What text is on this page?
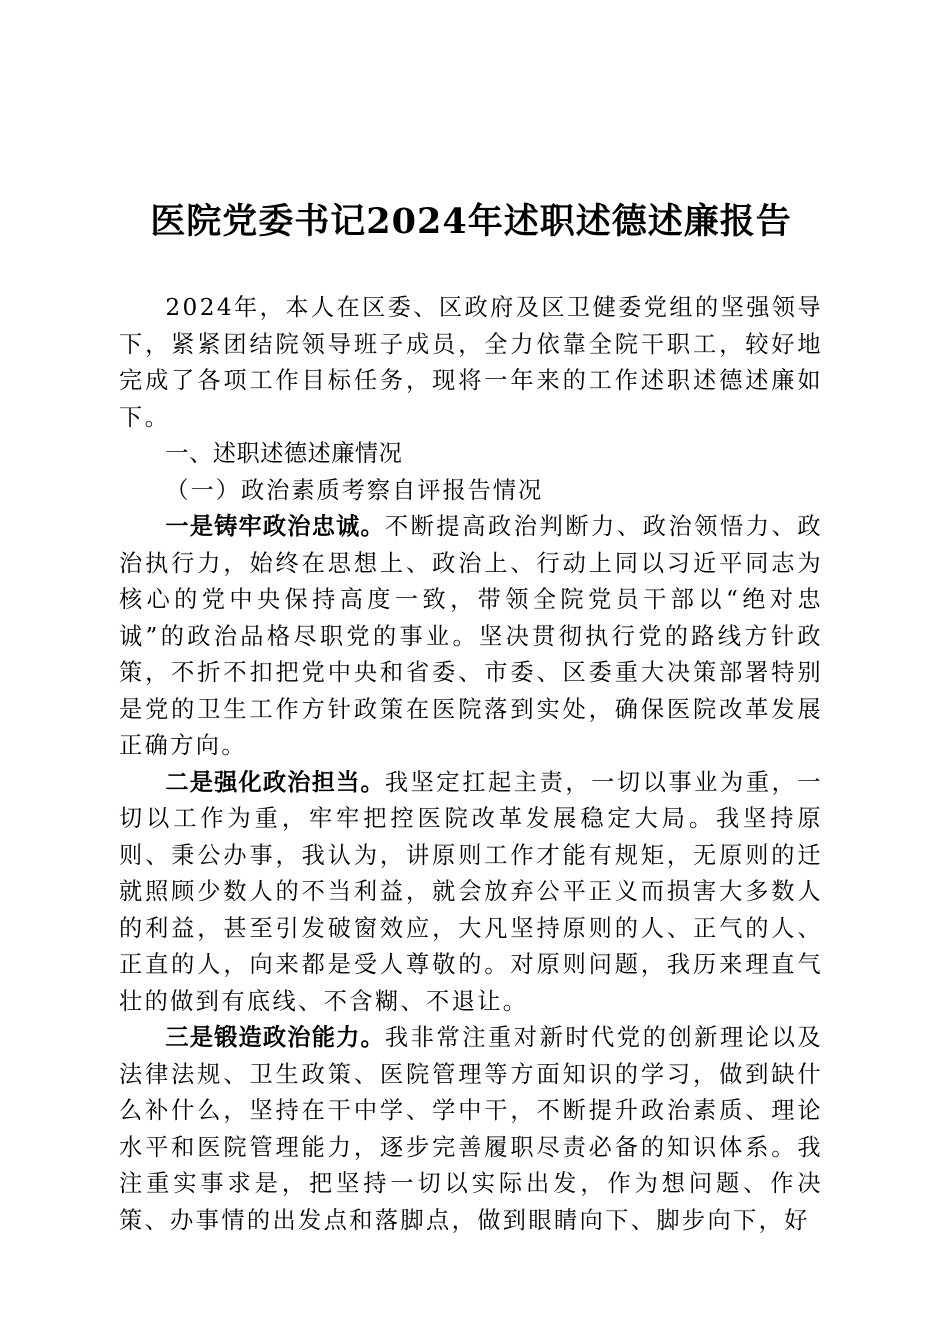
医院党委书记2024年述职述德述廉报告

2024年，本人在区委、区政府及区卫健委党组的坚强领导下，紧紧团结院领导班子成员，全力依靠全院干职工，较好地完成了各项工作目标任务，现将一年来的工作述职述德述廉如下。

一、述职述德述廉情况

（一）政治素质考察自评报告情况

一是铸牢政治忠诚。不断提高政治判断力、政治领悟力、政治执行力，始终在思想上、政治上、行动上同以习近平同志为核心的党中央保持高度一致，带领全院党员干部以“绝对忠诚”的政治品格尽职党的事业。坚决贯彻执行党的路线方针政策，不折不扣把党中央和省委、市委、区委重大决策部署特别是党的卫生工作方针政策在医院落到实处，确保医院改革发展正确方向。

二是强化政治担当。我坚定扛起主责，一切以事业为重，一切以工作为重，牢牢把控医院改革发展稳定大局。我坚持原则、秉公办事，我认为，讲原则工作才能有规矩，无原则的迁就照顾少数人的不当利益，就会放弃公平正义而损害大多数人的利益，甚至引发破窗效应，大凡坚持原则的人、正气的人、正直的人，向来都是受人尊敬的。对原则问题，我历来理直气壮的做到有底线、不含糊、不退让。

三是锻造政治能力。我非常注重对新时代党的创新理论以及法律法规、卫生政策、医院管理等方面知识的学习，做到缺什么补什么，坚持在干中学、学中干，不断提升政治素质、理论水平和医院管理能力，逐步完善履职尽责必备的知识体系。我注重实事求是，把坚持一切以实际出发，作为想问题、作决策、办事情的出发点和落脚点，做到眼睛向下、脚步向下，好
